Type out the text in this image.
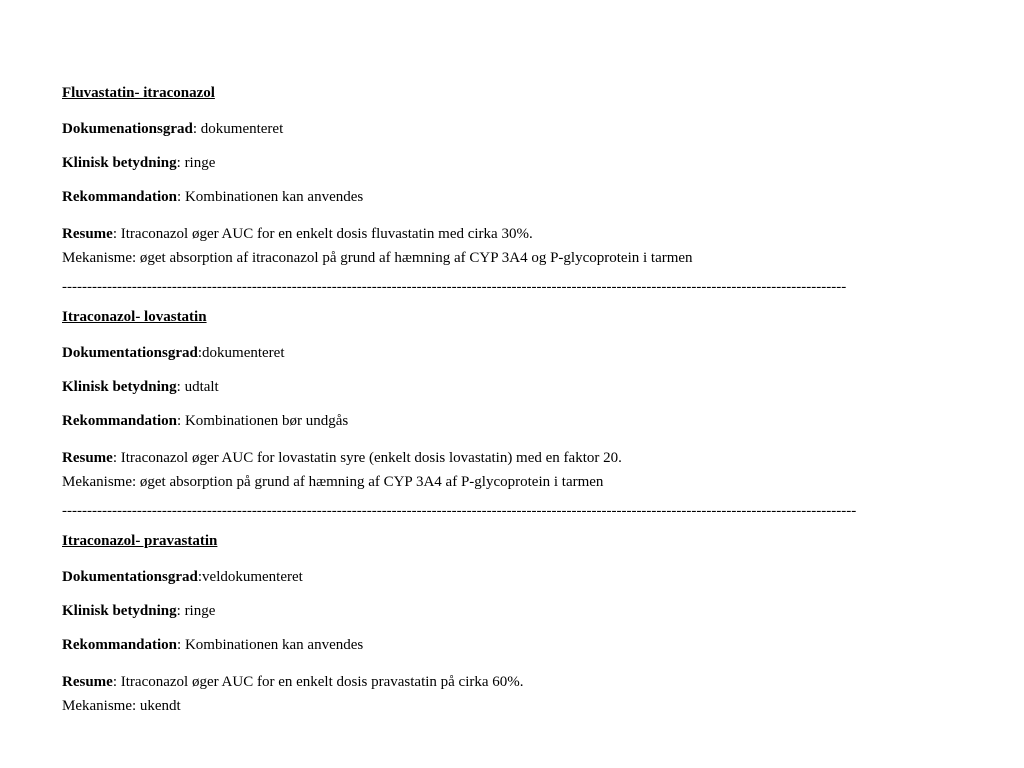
Fluvastatin- itraconazol
Dokumenationsgrad: dokumenteret
Klinisk betydning: ringe
Rekommandation: Kombinationen kan anvendes
Resume: Itraconazol øger AUC for en enkelt dosis fluvastatin med cirka 30%.
Mekanisme: øget absorption af itraconazol på grund af hæmning af CYP 3A4 og P-glycoprotein i tarmen
-------------------------------------------------------------------------------------------------------------------------------------------------------------
Itraconazol- lovastatin
Dokumentationsgrad:dokumenteret
Klinisk betydning: udtalt
Rekommandation: Kombinationen bør undgås
Resume: Itraconazol øger AUC for lovastatin syre (enkelt dosis lovastatin) med en faktor 20.
Mekanisme: øget absorption på grund af hæmning af CYP 3A4 af P-glycoprotein i tarmen
---------------------------------------------------------------------------------------------------------------------------------------------------------------
Itraconazol- pravastatin
Dokumentationsgrad:veldokumenteret
Klinisk betydning: ringe
Rekommandation: Kombinationen kan anvendes
Resume: Itraconazol øger AUC for en enkelt dosis pravastatin på cirka 60%.
Mekanisme: ukendt
